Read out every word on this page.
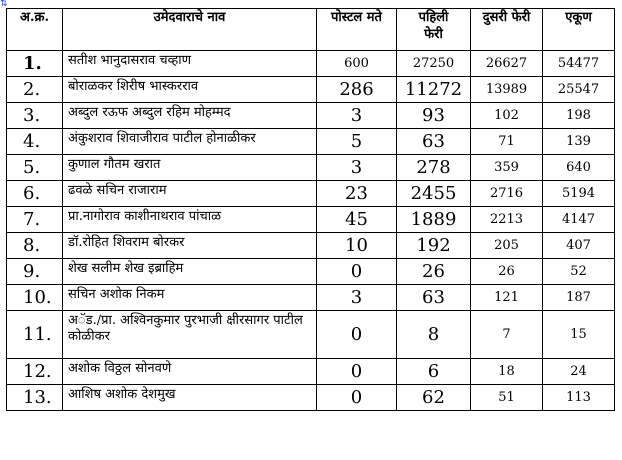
⇅
अ.क्र.	उमेदवाराचे नाव	पोस्टल मते	पहिली फेरी	दुसरी फेरी	एकूण
1.	सतीश भानुदासराव चव्हाण	600	27250	26627	54477
2.	बोराळकर शिरीष भास्करराव	286	11272	13989	25547
3.	अब्दुल रऊफ अब्दुल रहिम मोहम्मद	3	93	102	198
4.	अंकुशराव शिवाजीराव पाटील होनाळीकर	5	63	71	139
5.	कुणाल गौतम खरात	3	278	359	640
6.	ढवळे सचिन राजाराम	23	2455	2716	5194
7.	प्रा.नागोराव काशीनाथराव पांचाळ	45	1889	2213	4147
8.	डॉ.रोहित शिवराम बोरकर	10	192	205	407
9.	शेख सलीम शेख इब्राहिम	0	26	26	52
10.	सचिन अशोक निकम	3	63	121	187
11.	अॅड./प्रा. अश्विनकुमार पुरभाजी क्षीरसागर पाटील कोळीकर	0	8	7	15
12.	अशोक विठ्ठल सोनवणे	0	6	18	24
13.	आशिष अशोक देशमुख	0	62	51	113
